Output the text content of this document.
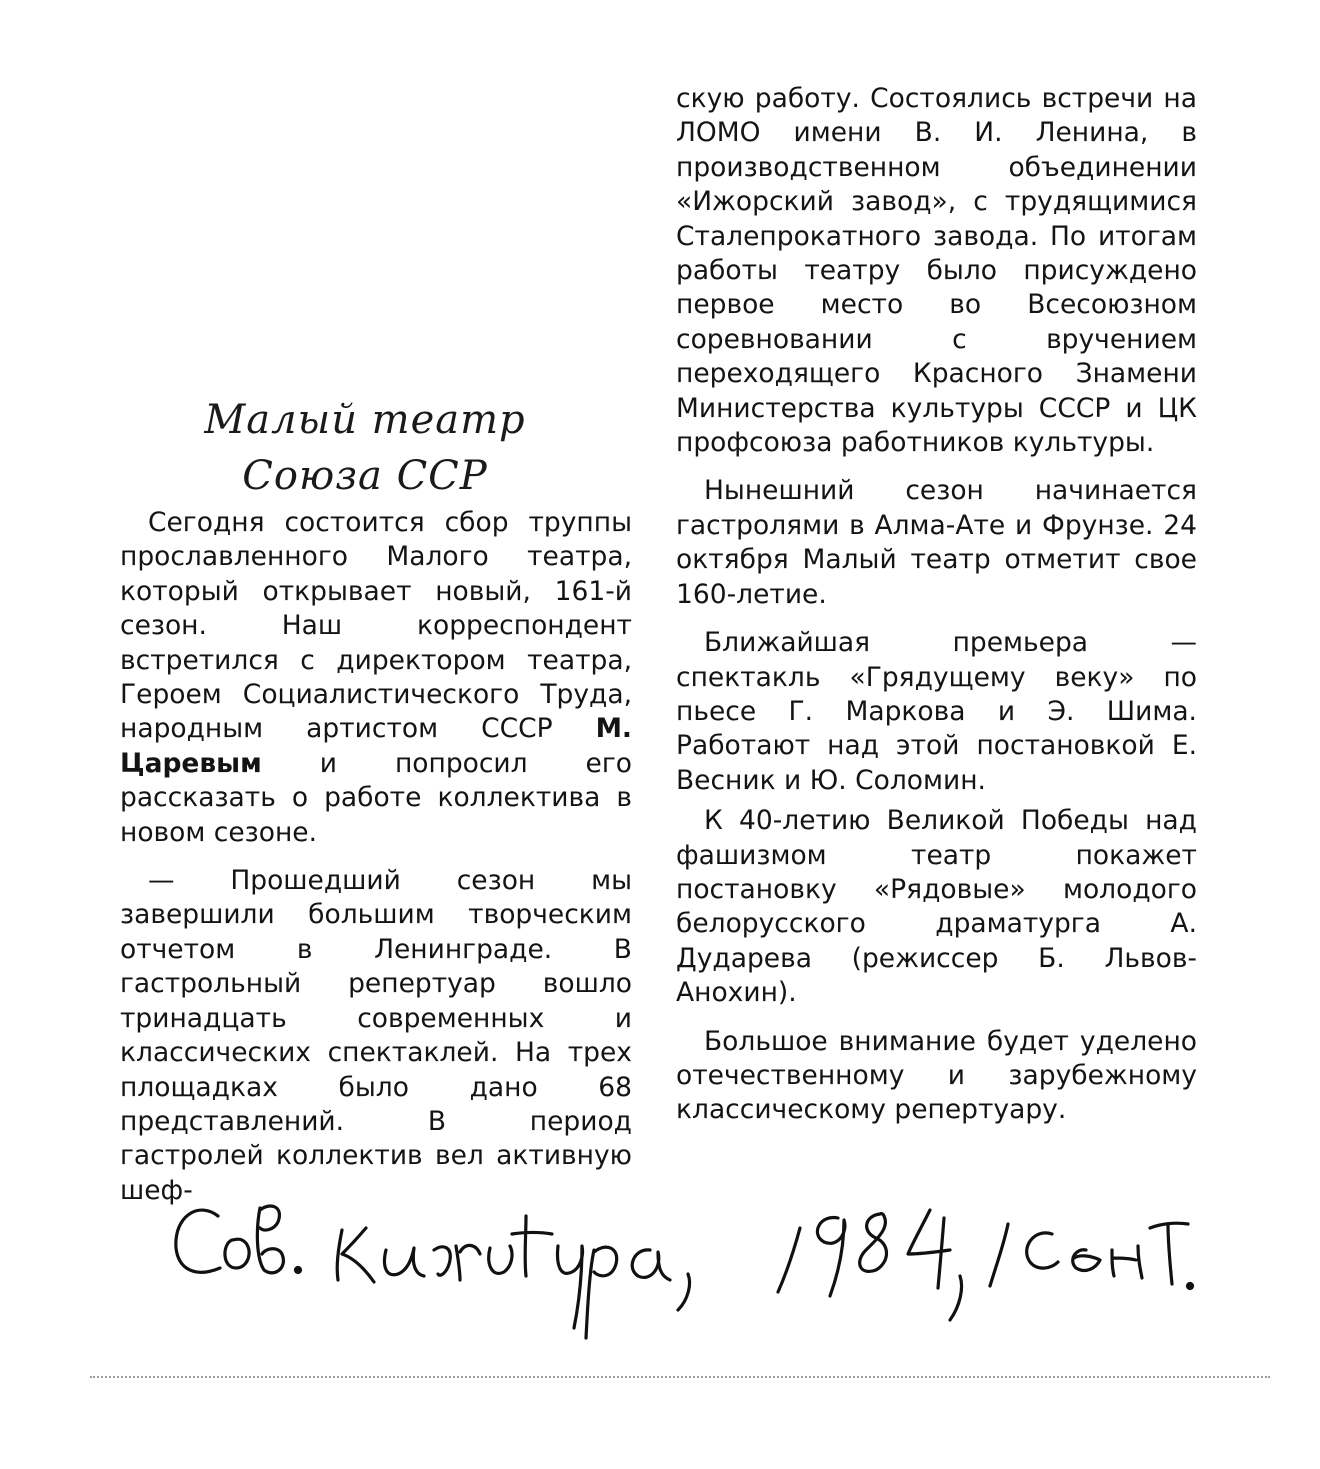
Малый театр
Союза ССР

Сегодня состоится сбор труппы прославленного Малого театра, который открывает новый, 161-й сезон. Наш корреспондент встретился с директором театра, Героем Социалистического Труда, народным артистом СССР М. Царевым и попросил его рассказать о работе коллектива в новом сезоне.

— Прошедший сезон мы завершили большим творческим отчетом в Ленинграде. В гастрольный репертуар вошло тринадцать современных и классических спектаклей. На трех площадках было дано 68 представлений. В период гастролей коллектив вел активную шеф-

скую работу. Состоялись встречи на ЛОМО имени В. И. Ленина, в производственном объединении «Ижорский завод», с трудящимися Сталепрокатного завода. По итогам работы театру было присуждено первое место во Всесоюзном соревновании с вручением переходящего Красного Знамени Министерства культуры СССР и ЦК профсоюза работников культуры.

Нынешний сезон начинается гастролями в Алма-Ате и Фрунзе. 24 октября Малый театр отметит свое 160-летие.

Ближайшая премьера — спектакль «Грядущему веку» по пьесе Г. Маркова и Э. Шима. Работают над этой постановкой Е. Весник и Ю. Соломин.

К 40-летию Великой Победы над фашизмом театр покажет постановку «Рядовые» молодого белорусского драматурга А. Дударева (режиссер Б. Львов-Анохин).

Большое внимание будет уделено отечественному и зарубежному классическому репертуару.
